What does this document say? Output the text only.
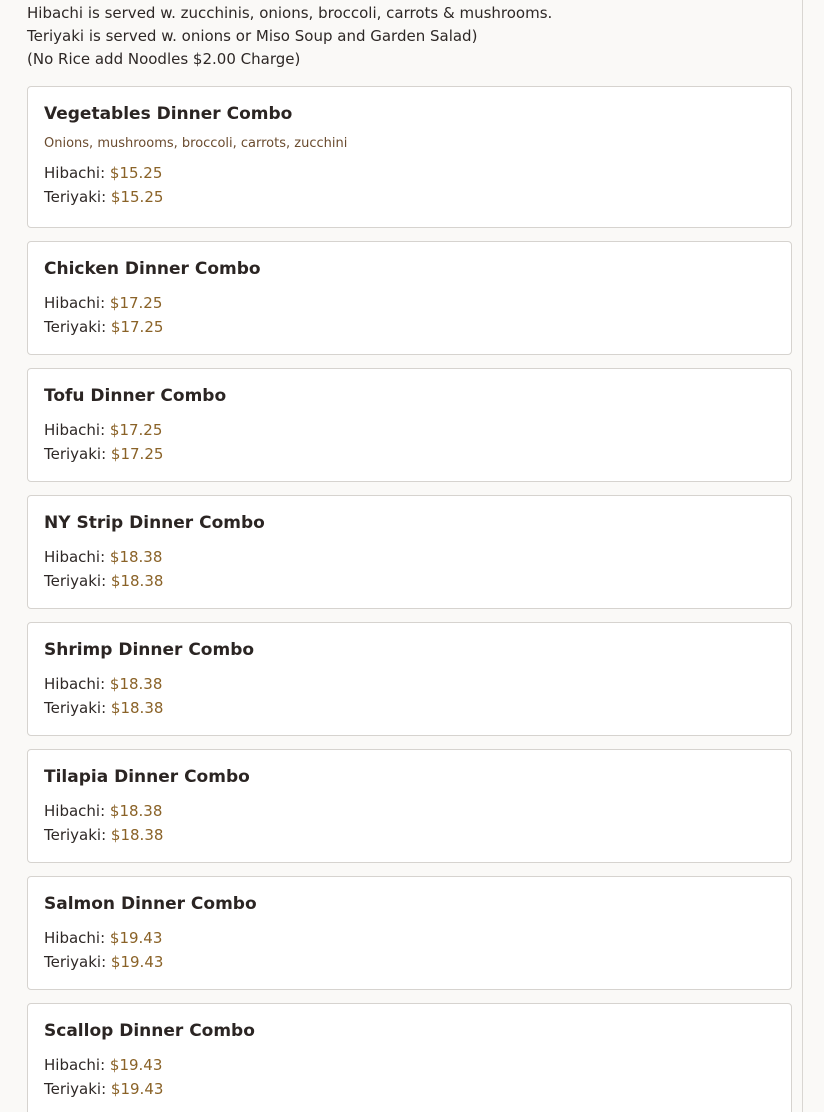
Hibachi is served w. zucchinis, onions, broccoli, carrots & mushrooms.
Teriyaki is served w. onions or Miso Soup and Garden Salad)
(No Rice add Noodles $2.00 Charge)
Vegetables Dinner Combo
Onions, mushrooms, broccoli, carrots, zucchini
Hibachi: $15.25
Teriyaki: $15.25
Chicken Dinner Combo
Hibachi: $17.25
Teriyaki: $17.25
Tofu Dinner Combo
Hibachi: $17.25
Teriyaki: $17.25
NY Strip Dinner Combo
Hibachi: $18.38
Teriyaki: $18.38
Shrimp Dinner Combo
Hibachi: $18.38
Teriyaki: $18.38
Tilapia Dinner Combo
Hibachi: $18.38
Teriyaki: $18.38
Salmon Dinner Combo
Hibachi: $19.43
Teriyaki: $19.43
Scallop Dinner Combo
Hibachi: $19.43
Teriyaki: $19.43
